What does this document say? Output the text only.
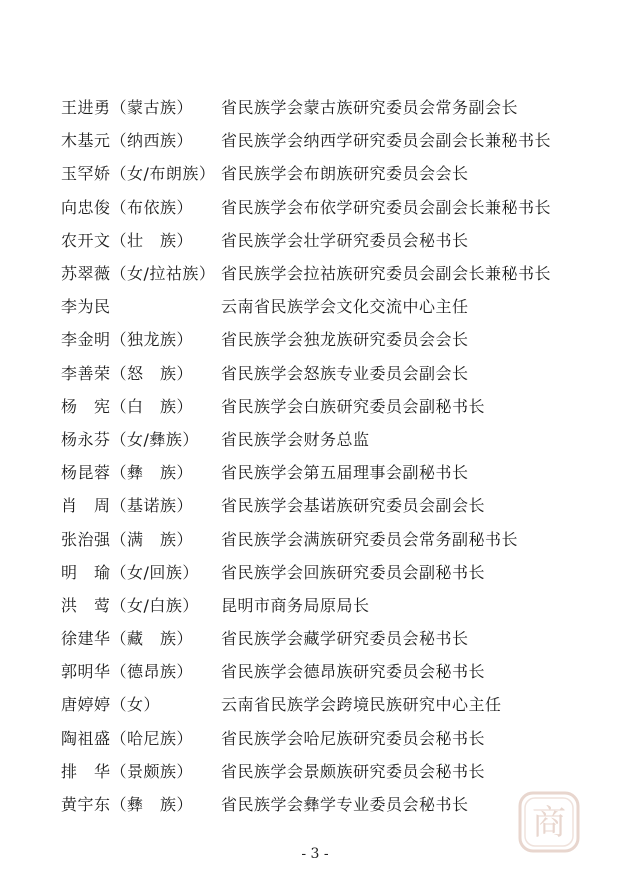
王进勇（蒙古族）	省民族学会蒙古族研究委员会常务副会长
木基元（纳西族）	省民族学会纳西学研究委员会副会长兼秘书长
玉罕娇（女/布朗族） 省民族学会布朗族研究委员会会长
向忠俊（布依族）	省民族学会布依学研究委员会副会长兼秘书长
农开文（壮　族）	省民族学会壮学研究委员会秘书长
苏翠薇（女/拉祜族） 省民族学会拉祜族研究委员会副会长兼秘书长
李为民	云南省民族学会文化交流中心主任
李金明（独龙族）	省民族学会独龙族研究委员会会长
李善荣（怒　族）	省民族学会怒族专业委员会副会长
杨　宪（白　族）	省民族学会白族研究委员会副秘书长
杨永芬（女/彝族）	省民族学会财务总监
杨昆蓉（彝　族）	省民族学会第五届理事会副秘书长
肖　周（基诺族）	省民族学会基诺族研究委员会副会长
张治强（满　族）	省民族学会满族研究委员会常务副秘书长
明　瑜（女/回族）	省民族学会回族研究委员会副秘书长
洪　莺（女/白族）	昆明市商务局原局长
徐建华（藏　族）	省民族学会藏学研究委员会秘书长
郭明华（德昂族）	省民族学会德昂族研究委员会秘书长
唐婷婷（女）	云南省民族学会跨境民族研究中心主任
陶祖盛（哈尼族）	省民族学会哈尼族研究委员会秘书长
排　华（景颇族）	省民族学会景颇族研究委员会秘书长
黄宇东（彝　族）	省民族学会彝学专业委员会秘书长
- 3 -
商
